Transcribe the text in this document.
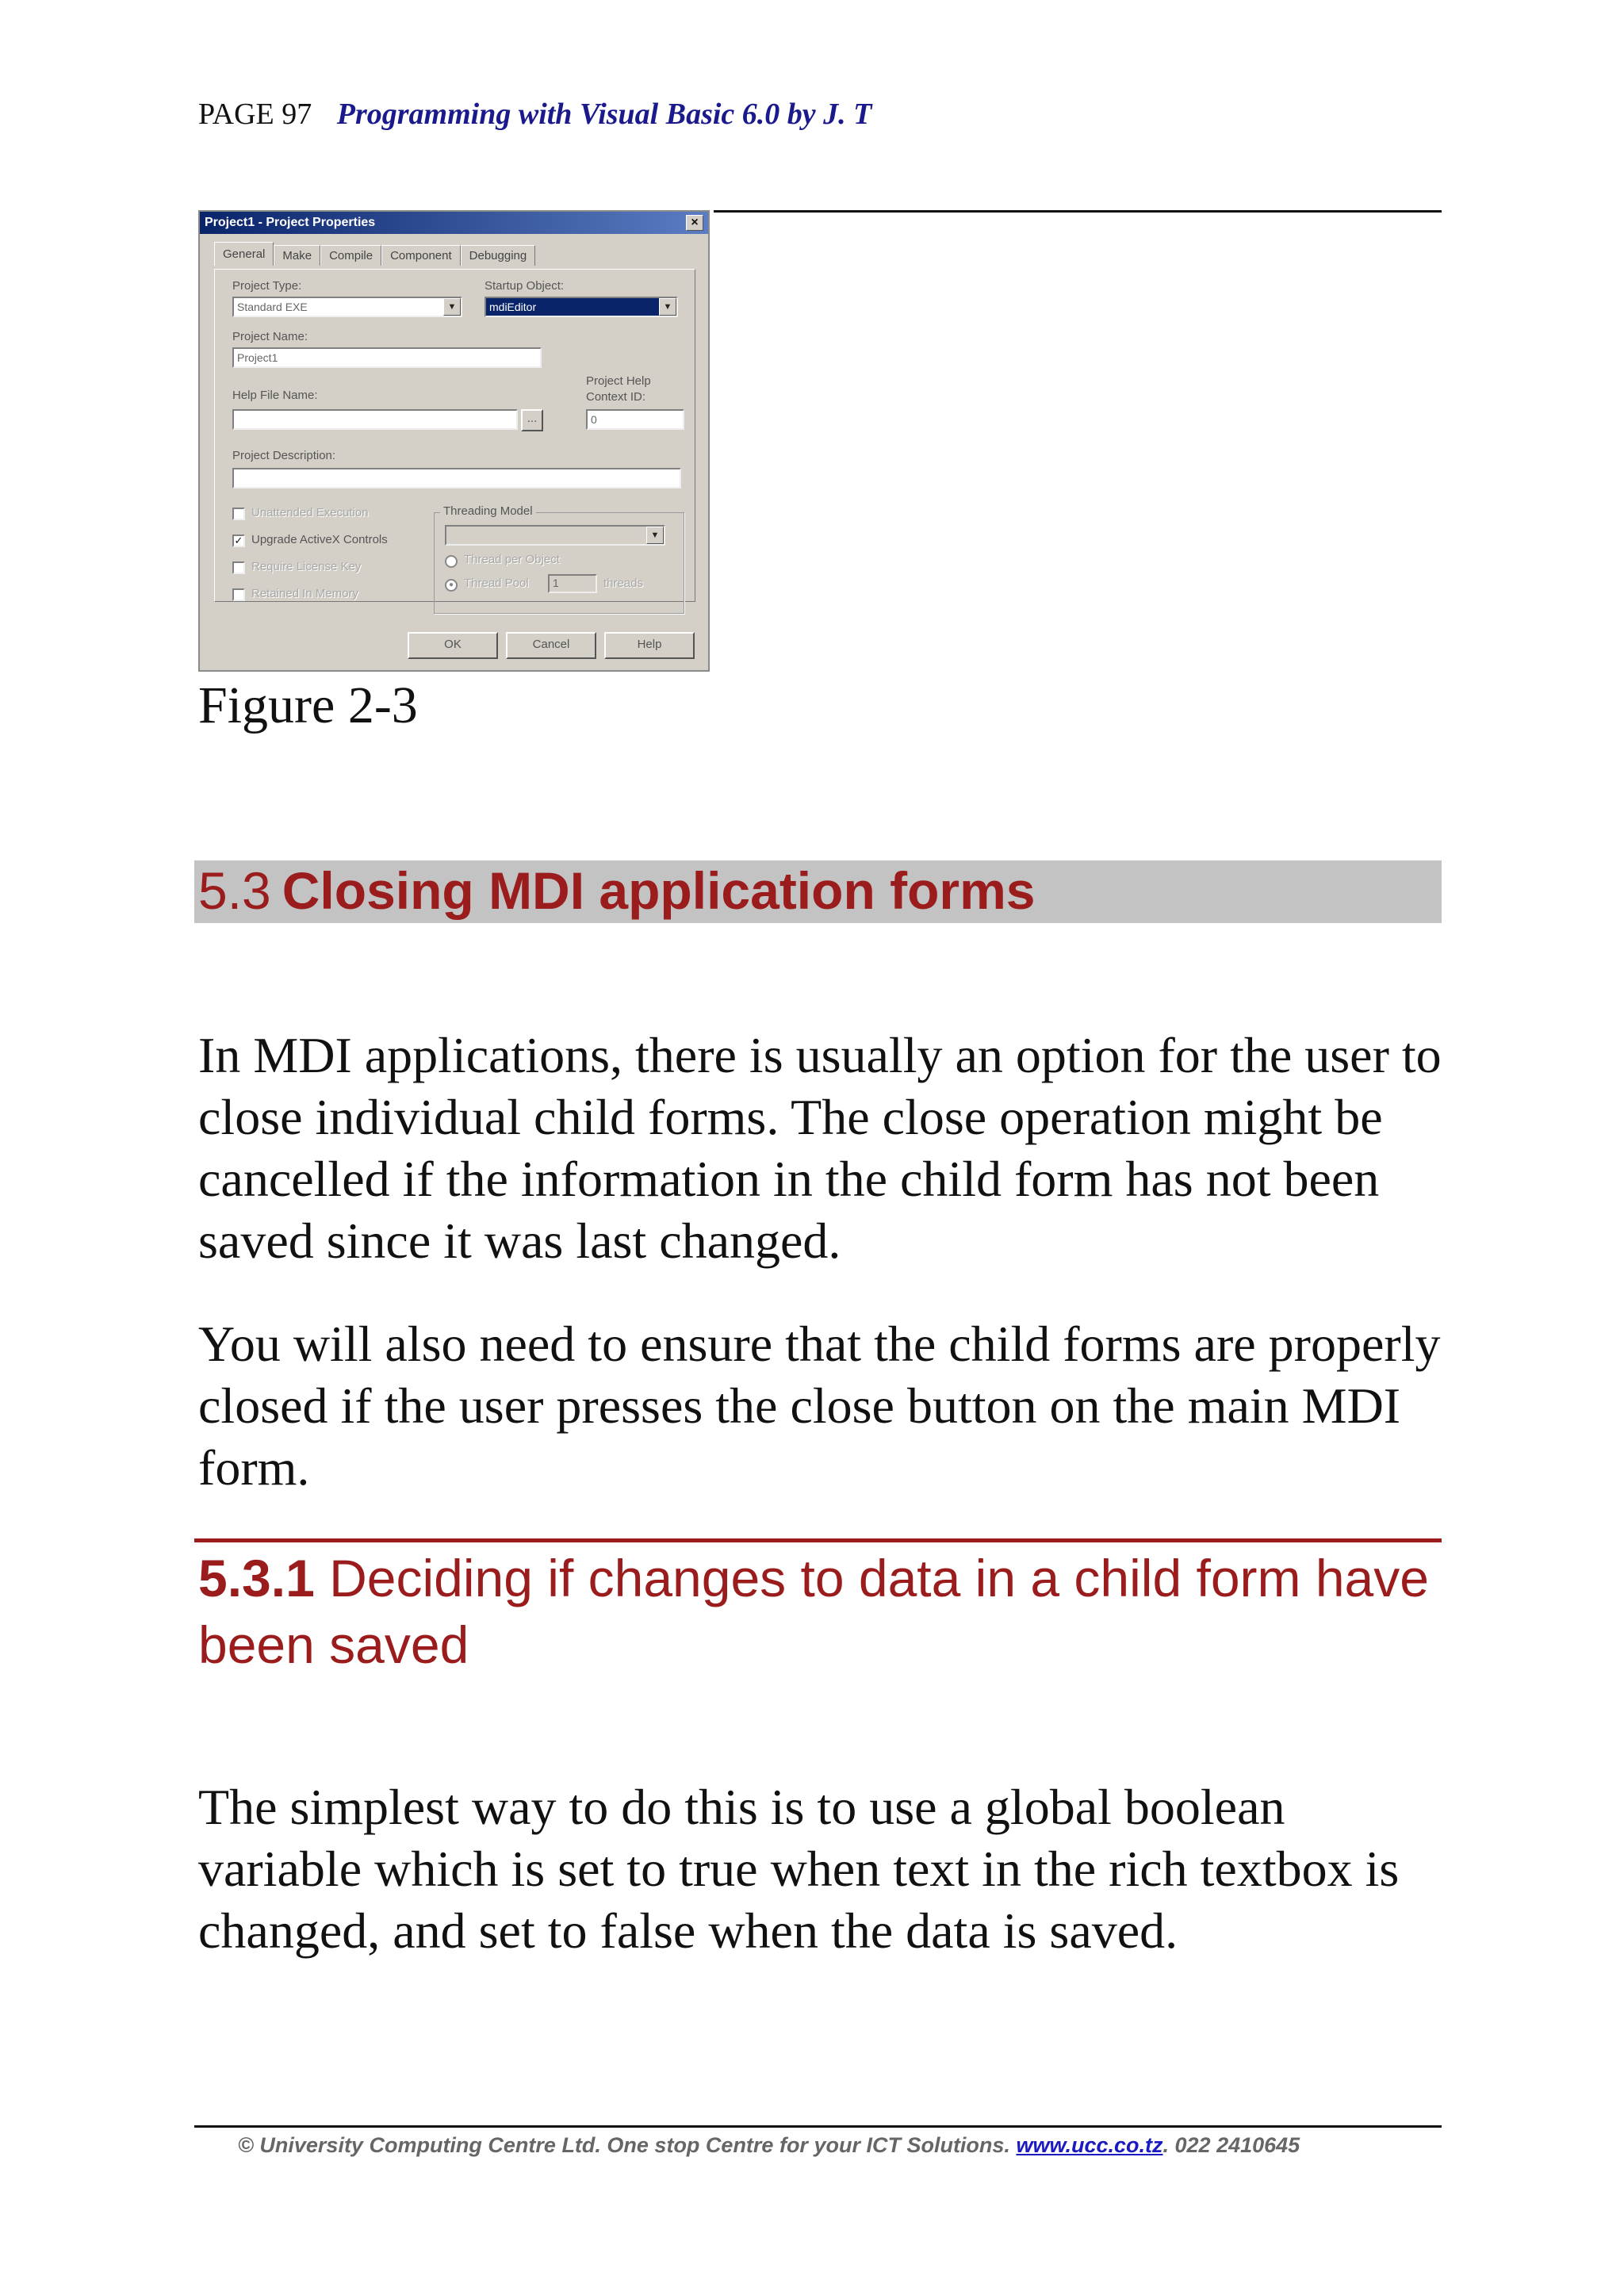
PAGE 97 Programming with Visual Basic 6.0 by J. T
Project1 - Project Properties	×
General	Make	Compile	Component	Debugging
Project Type:
Standard EXE	▼
Startup Object:
mdiEditor	▼
Project Name:
Project1
Help File Name:
...
Project Help
Context ID:
0
Project Description:
Unattended Execution
✓ Upgrade ActiveX Controls
Require License Key
Retained In Memory
Threading Model
▼
Thread per Object
● Thread Pool	1	threads
OK	Cancel	Help
Figure 2-3
5.3 Closing MDI application forms
In MDI applications, there is usually an option for the user to close individual child forms. The close operation might be cancelled if the information in the child form has not been saved since it was last changed.
You will also need to ensure that the child forms are properly closed if the user presses the close button on the main MDI form.
5.3.1 Deciding if changes to data in a child form have been saved
The simplest way to do this is to use a global boolean variable which is set to true when text in the rich textbox is changed, and set to false when the data is saved.
© University Computing Centre Ltd. One stop Centre for your ICT Solutions. www.ucc.co.tz. 022 2410645
